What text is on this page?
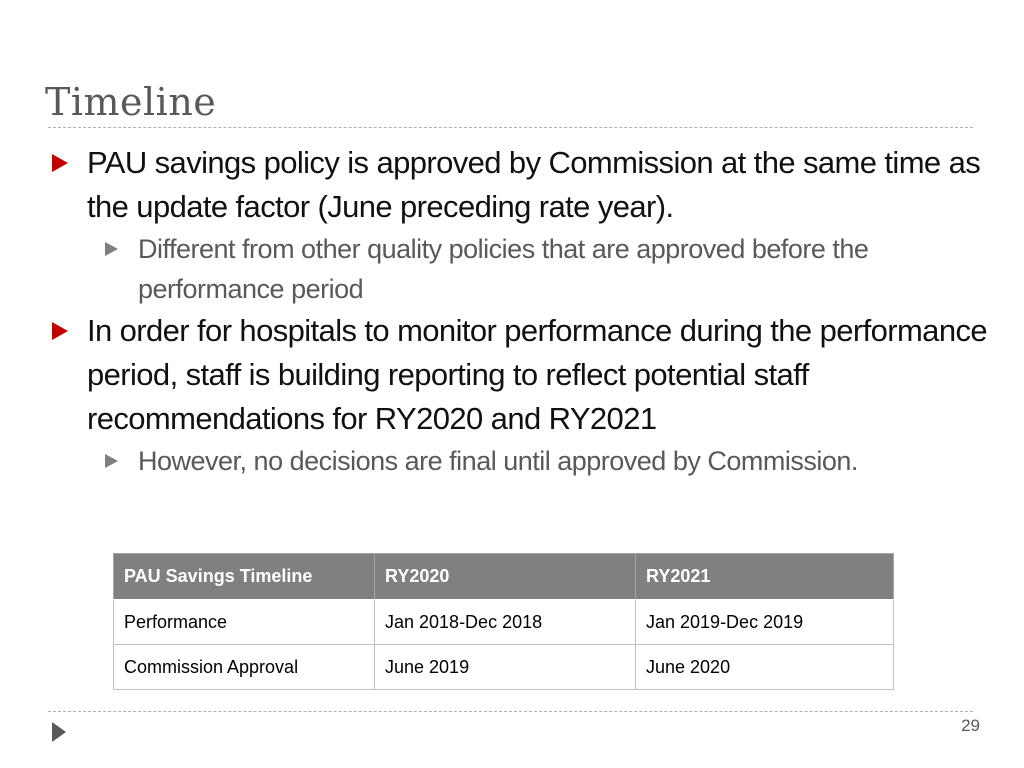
Timeline
PAU savings policy is approved by Commission at the same time as the update factor (June preceding rate year).
Different from other quality policies that are approved before the performance period
In order for hospitals to monitor performance during the performance period, staff is building reporting to reflect potential staff recommendations for RY2020 and RY2021
However, no decisions are final until approved by Commission.
PAU Savings Timeline	RY2020	RY2021
Performance	Jan 2018-Dec 2018	Jan 2019-Dec 2019
Commission Approval	June 2019	June 2020
29
